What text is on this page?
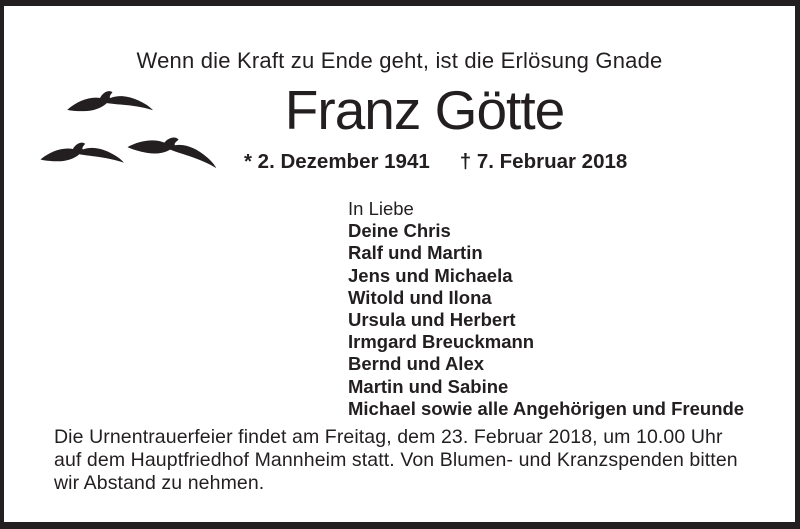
Wenn die Kraft zu Ende geht, ist die Erlösung Gnade
Franz Götte
* 2. Dezember 1941 † 7. Februar 2018
In Liebe
Deine Chris
Ralf und Martin
Jens und Michaela
Witold und Ilona
Ursula und Herbert
Irmgard Breuckmann
Bernd und Alex
Martin und Sabine
Michael sowie alle Angehörigen und Freunde

Die Urnentrauerfeier findet am Freitag, dem 23. Februar 2018, um 10.00 Uhr auf dem Hauptfriedhof Mannheim statt. Von Blumen- und Kranzspenden bitten wir Abstand zu nehmen.
